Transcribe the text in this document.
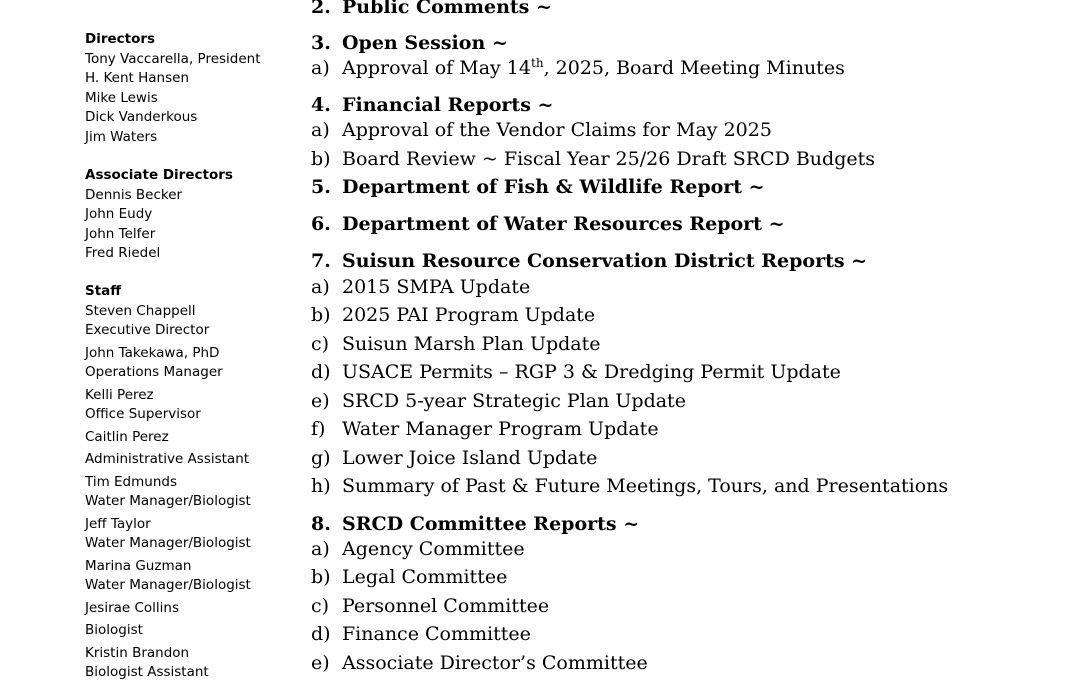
Directors
Tony Vaccarella, President
H. Kent Hansen
Mike Lewis
Dick Vanderkous
Jim Waters
Associate Directors
Dennis Becker
John Eudy
John Telfer
Fred Riedel
Staff
Steven Chappell
Executive Director
John Takekawa, PhD
Operations Manager
Kelli Perez
Office Supervisor
Caitlin Perez
Administrative Assistant
Tim Edmunds
Water Manager/Biologist
Jeff Taylor
Water Manager/Biologist
Marina Guzman
Water Manager/Biologist
Jesirae Collins
Biologist
Kristin Brandon
Biologist Assistant
2. Public Comments ~
3. Open Session ~
a) Approval of May 14th, 2025, Board Meeting Minutes
4. Financial Reports ~
a) Approval of the Vendor Claims for May 2025
b) Board Review ~ Fiscal Year 25/26 Draft SRCD Budgets
5. Department of Fish & Wildlife Report ~
6. Department of Water Resources Report ~
7. Suisun Resource Conservation District Reports ~
a) 2015 SMPA Update
b) 2025 PAI Program Update
c) Suisun Marsh Plan Update
d) USACE Permits – RGP 3 & Dredging Permit Update
e) SRCD 5-year Strategic Plan Update
f) Water Manager Program Update
g) Lower Joice Island Update
h) Summary of Past & Future Meetings, Tours, and Presentations
8. SRCD Committee Reports ~
a) Agency Committee
b) Legal Committee
c) Personnel Committee
d) Finance Committee
e) Associate Director’s Committee
